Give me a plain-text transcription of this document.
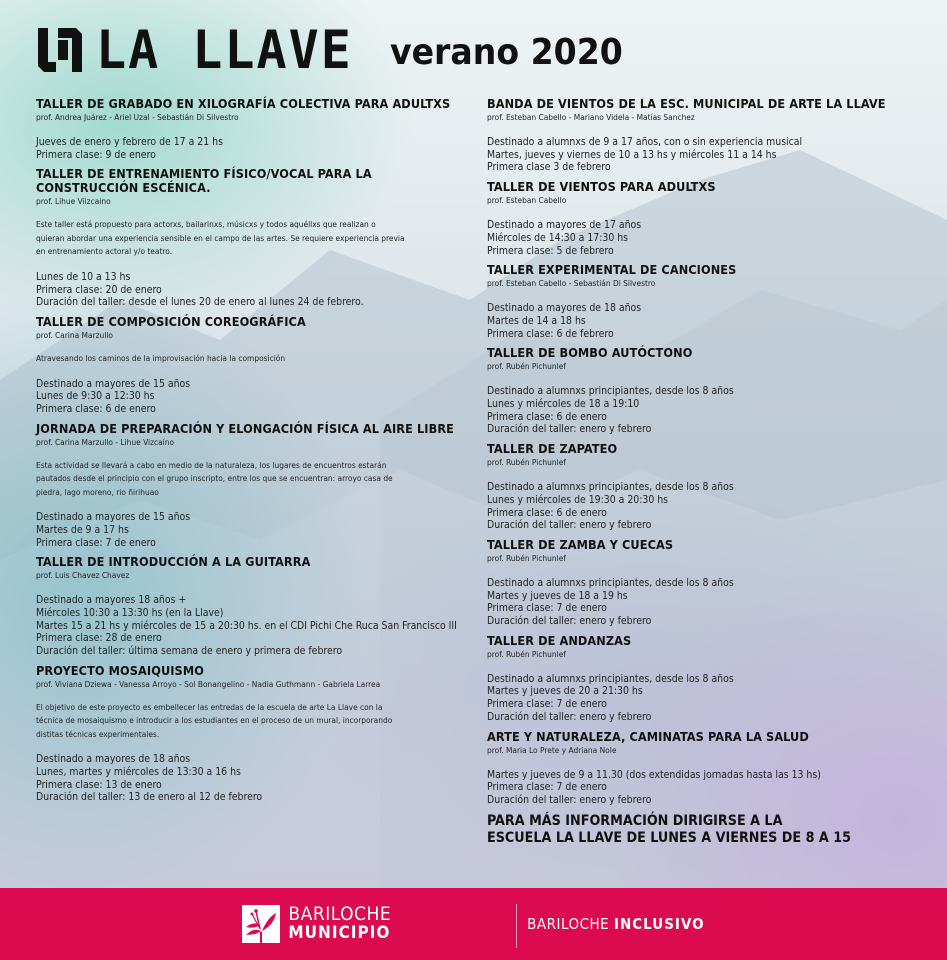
LA LLAVE verano 2020
TALLER DE GRABADO EN XILOGRAFÍA COLECTIVA PARA ADULTXS
prof. Andrea Juárez - Ariel Uzal - Sebastián Di Silvestro
Jueves de enero y febrero de 17 a 21 hs
Primera clase: 9 de enero
TALLER DE ENTRENAMIENTO FÍSICO/VOCAL PARA LA CONSTRUCCIÓN ESCÉNICA.
prof. Lihue Viizcaino
Este taller está propuesto para actorxs, bailarinxs, músicxs y todos aquéllxs que realizan o
quieran abordar una experiencia sensible en el campo de las artes. Se requiere experiencia previa
en entrenamiento actoral y/o teatro.
Lunes de 10 a 13 hs
Primera clase: 20 de enero
Duración del taller: desde el lunes 20 de enero al lunes 24 de febrero.
TALLER DE COMPOSICIÓN COREOGRÁFICA
prof. Carina Marzullo
Atravesando los caminos de la improvisación hacia la composición
Destinado a mayores de 15 años
Lunes de 9:30 a 12:30 hs
Primera clase: 6 de enero
JORNADA DE PREPARACIÓN Y ELONGACIÓN FÍSICA AL AIRE LIBRE
prof. Carina Marzullo - Lihue Vizcaíno
Esta actividad se llevará a cabo en medio de la naturaleza, los lugares de encuentros estarán
pautados desde el principio con el grupo inscripto, entre los que se encuentran: arroyo casa de
piedra, lago moreno, rio ñirihuao
Destinado a mayores de 15 años
Martes de 9 a 17 hs
Primera clase: 7 de enero
TALLER DE INTRODUCCIÓN A LA GUITARRA
prof. Luis Chavez Chavez
Destinado a mayores 18 años +
Miércoles 10:30 a 13:30 hs (en la Llave)
Martes 15 a 21 hs y miércoles de 15 a 20:30 hs. en el CDI Pichi Che Ruca San Francisco III
Primera clase: 28 de enero
Duración del taller: última semana de enero y primera de febrero
PROYECTO MOSAIQUISMO
prof. Viviana Dziewa - Vanessa Arroyo - Sol Bonangelino - Nadia Guthmann - Gabriela Larrea
El objetivo de este proyecto es embellecer las entredas de la escuela de arte La Llave con la
técnica de mosaiquismo e introducir a los estudiantes en el proceso de un mural, incorporando
distitas técnicas experimentales.
Destinado a mayores de 18 años
Lunes, martes y miércoles de 13:30 a 16 hs
Primera clase: 13 de enero
Duración del taller: 13 de enero al 12 de febrero
BANDA DE VIENTOS DE LA ESC. MUNICIPAL DE ARTE LA LLAVE
prof. Esteban Cabello - Mariano Videla - Matías Sanchez
Destinado a alumnxs de 9 a 17 años, con o sin experiencia musical
Martes, jueves y viernes de 10 a 13 hs y miércoles 11 a 14 hs
Primera clase 3 de febrero
TALLER DE VIENTOS PARA ADULTXS
prof. Esteban Cabello
Destinado a mayores de 17 años
Miércoles de 14:30 a 17:30 hs
Primera clase: 5 de febrero
TALLER EXPERIMENTAL DE CANCIONES
prof. Esteban Cabello - Sebastián Di Silvestro
Destinado a mayores de 18 años
Martes de 14 a 18 hs
Primera clase: 6 de febrero
TALLER DE BOMBO AUTÓCTONO
prof. Rubén Pichunlef
Destinado a alumnxs principiantes, desde los 8 años
Lunes y miércoles de 18 a 19:10
Primera clase: 6 de enero
Duración del taller: enero y febrero
TALLER DE ZAPATEO
prof. Rubén Pichunlef
Destinado a alumnxs principiantes, desde los 8 años
Lunes y miércoles de 19:30 a 20:30 hs
Primera clase: 6 de enero
Duración del taller: enero y febrero
TALLER DE ZAMBA Y CUECAS
prof. Rubén Pichunlef
Destinado a alumnxs principiantes, desde los 8 años
Martes y jueves de 18 a 19 hs
Primera clase: 7 de enero
Duración del taller: enero y febrero
TALLER DE ANDANZAS
prof. Rubén Pichunlef
Destinado a alumnxs principiantes, desde los 8 años
Martes y jueves de 20 a 21:30 hs
Primera clase: 7 de enero
Duración del taller: enero y febrero
ARTE Y NATURALEZA, CAMINATAS PARA LA SALUD
prof. Maria Lo Prete y Adriana Nole
Martes y jueves de 9 a 11.30 (dos extendidas jornadas hasta las 13 hs)
Primera clase: 7 de enero
Duración del taller: enero y febrero
PARA MÁS INFORMACIÓN DIRIGIRSE A LA
ESCUELA LA LLAVE DE LUNES A VIERNES DE 8 A 15
BARILOCHE
MUNICIPIO	BARILOCHE INCLUSIVO
